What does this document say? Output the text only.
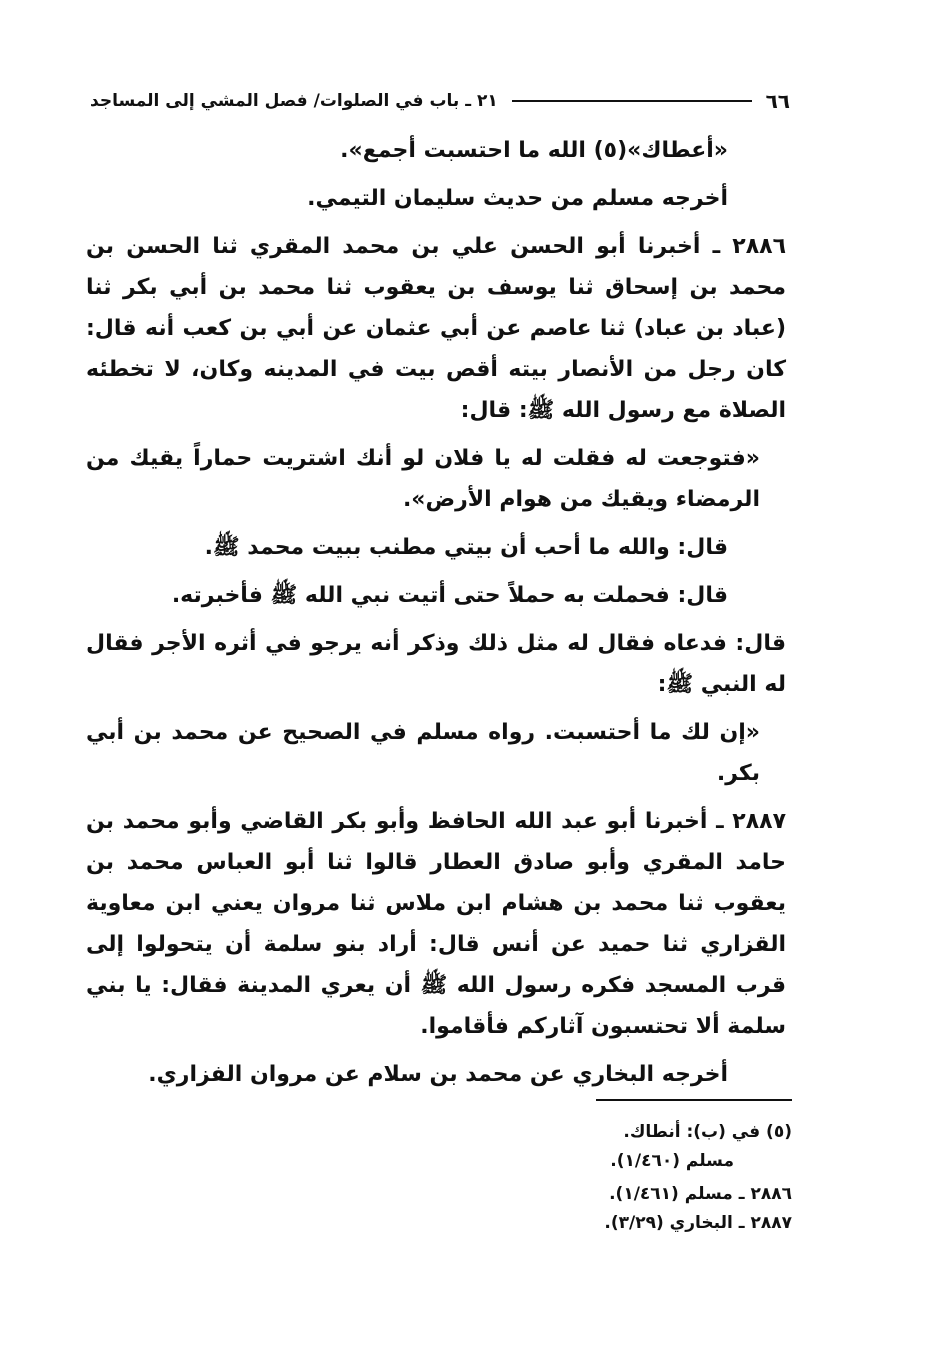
٦٦
٢١ ـ باب في الصلوات/ فصل المشي إلى المساجد

«أعطاك»(٥) الله ما احتسبت أجمع».

أخرجه مسلم من حديث سليمان التيمي.

٢٨٨٦ ـ أخبرنا أبو الحسن علي بن محمد المقري ثنا الحسن بن محمد بن إسحاق ثنا يوسف بن يعقوب ثنا محمد بن أبي بكر ثنا (عباد بن عباد) ثنا عاصم عن أبي عثمان عن أبي بن كعب أنه قال: كان رجل من الأنصار بيته أقص بيت في المدينه وكان، لا تخطئه الصلاة مع رسول الله ﷺ: قال:

«فتوجعت له فقلت له يا فلان لو أنك اشتريت حماراً يقيك من الرمضاء ويقيك من هوام الأرض».

قال: والله ما أحب أن بيتي مطنب ببيت محمد ﷺ.

قال: فحملت به حملاً حتى أتيت نبي الله ﷺ فأخبرته.

قال: فدعاه فقال له مثل ذلك وذكر أنه يرجو في أثره الأجر فقال له النبي ﷺ:

«إن لك ما أحتسبت. رواه مسلم في الصحيح عن محمد بن أبي بكر.

٢٨٨٧ ـ أخبرنا أبو عبد الله الحافظ وأبو بكر القاضي وأبو محمد بن حامد المقري وأبو صادق العطار قالوا ثنا أبو العباس محمد بن يعقوب ثنا محمد بن هشام ابن ملاس ثنا مروان يعني ابن معاوية القزاري ثنا حميد عن أنس قال: أراد بنو سلمة أن يتحولوا إلى قرب المسجد فكره رسول الله ﷺ أن يعري المدينة فقال: يا بني سلمة ألا تحتسبون آثاركم فأقاموا.

أخرجه البخاري عن محمد بن سلام عن مروان الفزاري.

(٥) في (ب): أنطاك.
مسلم (١/٤٦٠).
٢٨٨٦ ـ مسلم (١/٤٦١).
٢٨٨٧ ـ البخاري (٣/٢٩).
